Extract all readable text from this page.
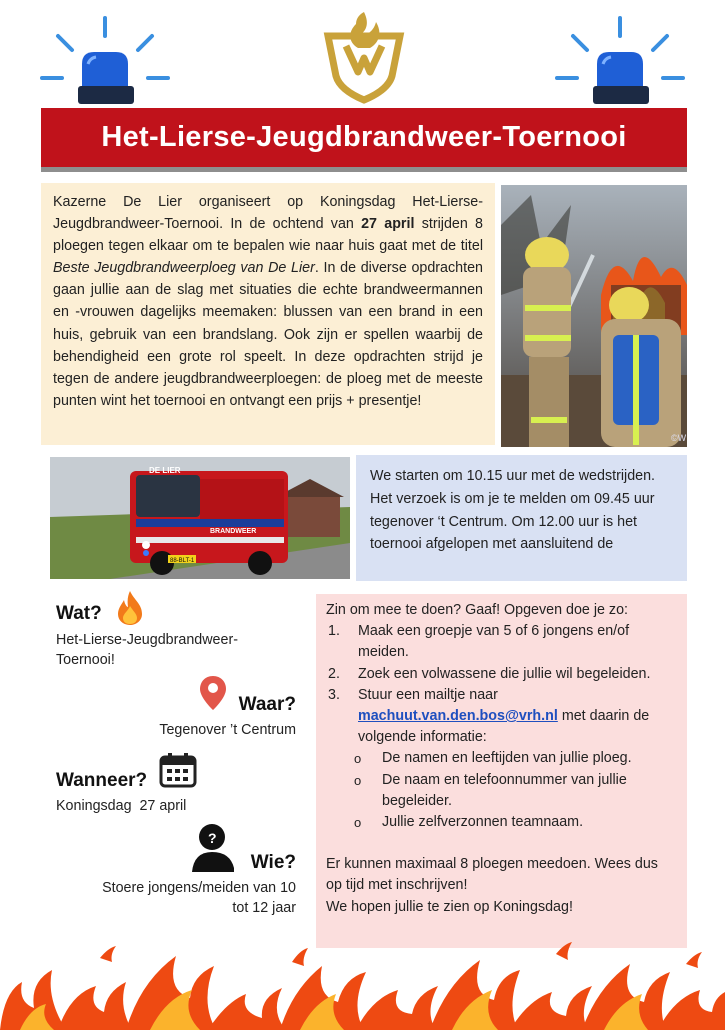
Het-Lierse-Jeugdbrandweer-Toernooi
Kazerne De Lier organiseert op Koningsdag Het-Lierse-Jeugdbrandweer-Toernooi. In de ochtend van 27 april strijden 8 ploegen tegen elkaar om te bepalen wie naar huis gaat met de titel Beste Jeugdbrandweerploeg van De Lier. In de diverse opdrachten gaan jullie aan de slag met situaties die echte brandweermannen en -vrouwen dagelijks meemaken: blussen van een brand in een huis, gebruik van een brandslang. Ook zijn er spellen waarbij de behendigheid een grote rol speelt. In deze opdrachten strijd je tegen de andere jeugdbrandweerploegen: de ploeg met de meeste punten wint het toernooi en ontvangt een prijs + presentje!
©W
DE LIER
BRANDWEER
88-BLT-1
We starten om 10.15 uur met de wedstrijden. Het verzoek is om je te melden om 09.45 uur tegenover ‘t Centrum. Om 12.00 uur is het toernooi afgelopen met aansluitend de
Wat?
Het-Lierse-Jeugdbrandweer-Toernooi!
Waar?
Tegenover ’t Centrum
Wanneer?
Koningsdag  27 april
?
Wie?
Stoere jongens/meiden van 10
tot 12 jaar
Zin om mee te doen? Gaaf! Opgeven doe je zo:
1. Maak een groepje van 5 of 6 jongens en/of meiden.
2. Zoek een volwassene die jullie wil begeleiden.
3. Stuur een mailtje naar machuut.van.den.bos@vrh.nl met daarin de volgende informatie:
o De namen en leeftijden van jullie ploeg.
o De naam en telefoonnummer van jullie begeleider.
o Jullie zelfverzonnen teamnaam.
Er kunnen maximaal 8 ploegen meedoen. Wees dus op tijd met inschrijven!
We hopen jullie te zien op Koningsdag!
